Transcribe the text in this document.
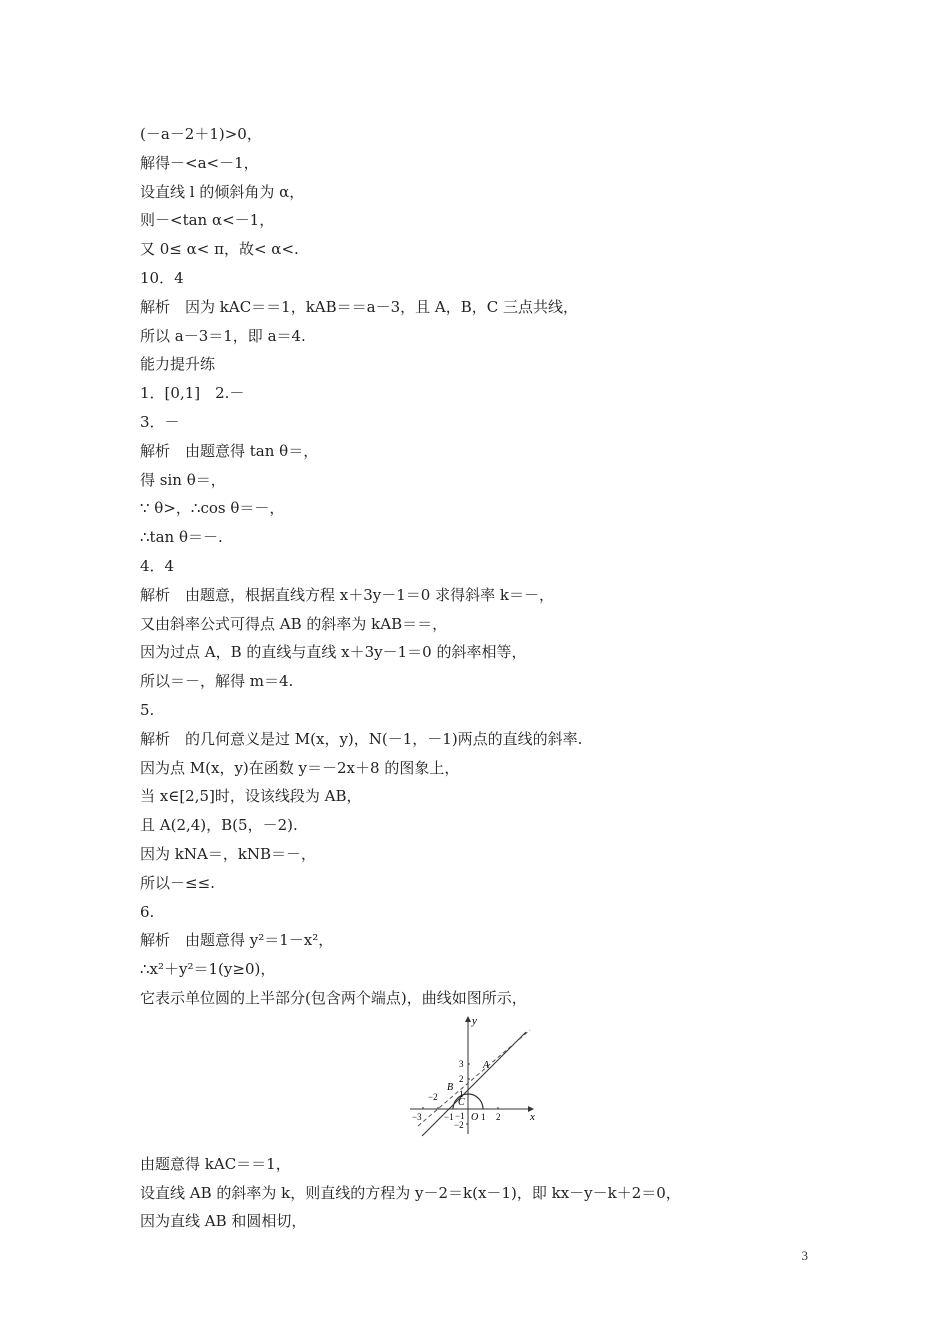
(－a－2＋1)>0，
解得－<a<－1，
设直线 l 的倾斜角为 α，
则－<tan α<－1，
又 0≤ α< π，故< α<.
10．4
解析　因为 kAC＝＝1，kAB＝＝a－3，且 A，B，C 三点共线，
所以 a－3＝1，即 a＝4.
能力提升练
1．[0,1]　2.－
3．－
解析　由题意得 tan θ＝，
得 sin θ＝，
∵ θ>，∴cos θ＝－，
∴tan θ＝－.
4．4
解析　由题意，根据直线方程 x＋3y－1＝0 求得斜率 k＝－，
又由斜率公式可得点 AB 的斜率为 kAB＝＝，
因为过点 A，B 的直线与直线 x＋3y－1＝0 的斜率相等，
所以＝－，解得 m＝4.
5.
解析　的几何意义是过 M(x，y)，N(－1，－1)两点的直线的斜率.
因为点 M(x，y)在函数 y＝－2x＋8 的图象上，
当 x∈[2,5]时，设该线段为 AB，
且 A(2,4)，B(5，－2).
因为 kNA＝，kNB＝－，
所以－≤≤.
6.
解析　由题意得 y²＝1－x²，
∴x²＋y²＝1(y≥0)，
它表示单位圆的上半部分(包含两个端点)，曲线如图所示，
x
y
O
A
B
C
−3
−2
−1	1 2
3
2
1
−1
−2
由题意得 kAC＝＝1，
设直线 AB 的斜率为 k，则直线的方程为 y－2＝k(x－1)，即 kx－y－k＋2＝0，
因为直线 AB 和圆相切，
3
